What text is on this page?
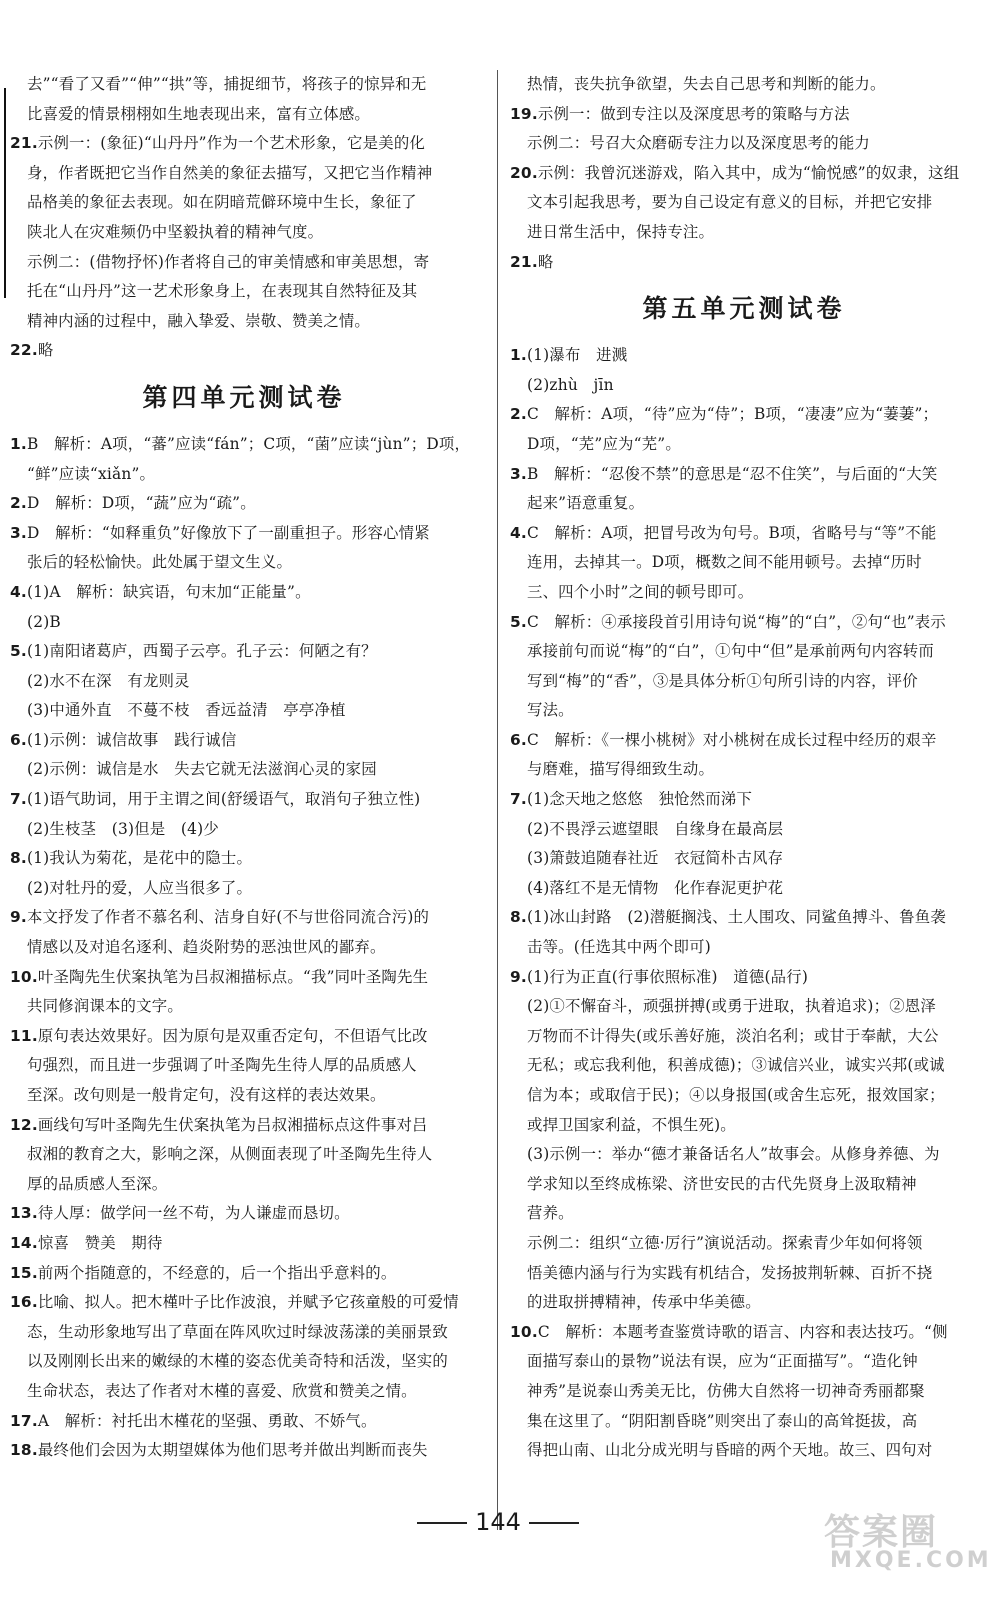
去”“看了又看”“伸”“拱”等，捕捉细节，将孩子的惊异和无
比喜爱的情景栩栩如生地表现出来，富有立体感。
21.示例一：(象征)“山丹丹”作为一个艺术形象，它是美的化
身，作者既把它当作自然美的象征去描写，又把它当作精神
品格美的象征去表现。如在阴暗荒僻环境中生长，象征了
陕北人在灾难频仍中坚毅执着的精神气度。
示例二：(借物抒怀)作者将自己的审美情感和审美思想，寄
托在“山丹丹”这一艺术形象身上，在表现其自然特征及其
精神内涵的过程中，融入挚爱、崇敬、赞美之情。
22.略
第四单元测试卷
1.B　解析：A项，“蕃”应读“fán”；C项，“菌”应读“jùn”；D项，
“鲜”应读“xiǎn”。
2.D　解析：D项，“蔬”应为“疏”。
3.D　解析：“如释重负”好像放下了一副重担子。形容心情紧
张后的轻松愉快。此处属于望文生义。
4.(1)A　解析：缺宾语，句末加“正能量”。
(2)B
5.(1)南阳诸葛庐，西蜀子云亭。孔子云：何陋之有？
(2)水不在深　有龙则灵
(3)中通外直　不蔓不枝　香远益清　亭亭净植
6.(1)示例：诚信故事　践行诚信
(2)示例：诚信是水　失去它就无法滋润心灵的家园
7.(1)语气助词，用于主谓之间(舒缓语气，取消句子独立性)
(2)生枝茎　(3)但是　(4)少
8.(1)我认为菊花，是花中的隐士。
(2)对牡丹的爱，人应当很多了。
9.本文抒发了作者不慕名利、洁身自好(不与世俗同流合污)的
情感以及对追名逐利、趋炎附势的恶浊世风的鄙弃。
10.叶圣陶先生伏案执笔为吕叔湘描标点。“我”同叶圣陶先生
共同修润课本的文字。
11.原句表达效果好。因为原句是双重否定句，不但语气比改
句强烈，而且进一步强调了叶圣陶先生待人厚的品质感人
至深。改句则是一般肯定句，没有这样的表达效果。
12.画线句写叶圣陶先生伏案执笔为吕叔湘描标点这件事对吕
叔湘的教育之大，影响之深，从侧面表现了叶圣陶先生待人
厚的品质感人至深。
13.待人厚：做学问一丝不苟，为人谦虚而恳切。
14.惊喜　赞美　期待
15.前两个指随意的，不经意的，后一个指出乎意料的。
16.比喻、拟人。把木槿叶子比作波浪，并赋予它孩童般的可爱情
态，生动形象地写出了草面在阵风吹过时绿波荡漾的美丽景致
以及刚刚长出来的嫩绿的木槿的姿态优美奇特和活泼，坚实的
生命状态，表达了作者对木槿的喜爱、欣赏和赞美之情。
17.A　解析：衬托出木槿花的坚强、勇敢、不娇气。
18.最终他们会因为太期望媒体为他们思考并做出判断而丧失
热情，丧失抗争欲望，失去自己思考和判断的能力。
19.示例一：做到专注以及深度思考的策略与方法
示例二：号召大众磨砺专注力以及深度思考的能力
20.示例：我曾沉迷游戏，陷入其中，成为“愉悦感”的奴隶，这组
文本引起我思考，要为自己设定有意义的目标，并把它安排
进日常生活中，保持专注。
21.略
第五单元测试卷
1.(1)瀑布　进溅
(2)zhù　jīn
2.C　解析：A项，“待”应为“侍”；B项，“凄凄”应为“萋萋”；
D项，“芜”应为“芜”。
3.B　解析：“忍俊不禁”的意思是“忍不住笑”，与后面的“大笑
起来”语意重复。
4.C　解析：A项，把冒号改为句号。B项，省略号与“等”不能
连用，去掉其一。D项，概数之间不能用顿号。去掉“历时
三、四个小时”之间的顿号即可。
5.C　解析：④承接段首引用诗句说“梅”的“白”，②句“也”表示
承接前句而说“梅”的“白”，①句中“但”是承前两句内容转而
写到“梅”的“香”，③是具体分析①句所引诗的内容，评价
写法。
6.C　解析：《一棵小桃树》对小桃树在成长过程中经历的艰辛
与磨难，描写得细致生动。
7.(1)念天地之悠悠　独怆然而涕下
(2)不畏浮云遮望眼　自缘身在最高层
(3)箫鼓追随春社近　衣冠简朴古风存
(4)落红不是无情物　化作春泥更护花
8.(1)冰山封路　(2)潜艇搁浅、土人围攻、同鲨鱼搏斗、鲁鱼袭
击等。(任选其中两个即可)
9.(1)行为正直(行事依照标准)　道德(品行)
(2)①不懈奋斗，顽强拼搏(或勇于进取，执着追求)；②恩泽
万物而不计得失(或乐善好施，淡泊名利；或甘于奉献，大公
无私；或忘我利他，积善成德)；③诚信兴业，诚实兴邦(或诚
信为本；或取信于民)；④以身报国(或舍生忘死，报效国家；
或捍卫国家利益，不惧生死)。
(3)示例一：举办“德才兼备话名人”故事会。从修身养德、为
学求知以至终成栋梁、济世安民的古代先贤身上汲取精神
营养。
示例二：组织“立德·厉行”演说活动。探索青少年如何将领
悟美德内涵与行为实践有机结合，发扬披荆斩棘、百折不挠
的进取拼搏精神，传承中华美德。
10.C　解析：本题考查鉴赏诗歌的语言、内容和表达技巧。“侧
面描写泰山的景物”说法有误，应为“正面描写”。“造化钟
神秀”是说泰山秀美无比，仿佛大自然将一切神奇秀丽都聚
集在这里了。“阴阳割昏晓”则突出了泰山的高耸挺拔，高
得把山南、山北分成光明与昏暗的两个天地。故三、四句对
144	答案圈
MXQE.COM
